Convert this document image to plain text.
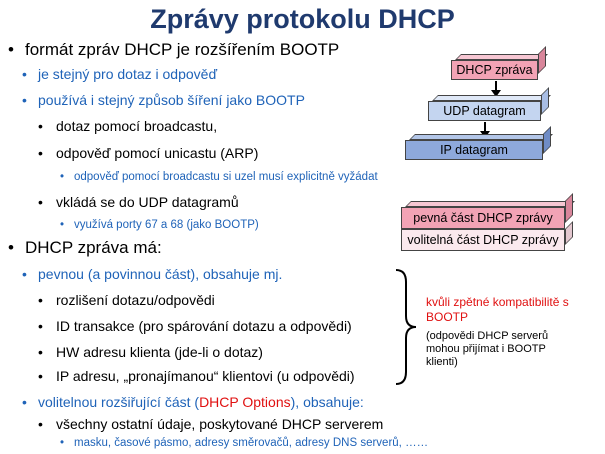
Zprávy protokolu DHCP
• formát zpráv DHCP je rozšířením BOOTP
• je stejný pro dotaz i odpověď
• používá i stejný způsob šíření jako BOOTP
• dotaz pomocí broadcastu,
• odpověď pomocí unicastu (ARP)
• odpověď pomocí broadcastu si uzel musí explicitně vyžádat
• vkládá se do UDP datagramů
• využívá porty 67 a 68 (jako BOOTP)
• DHCP zpráva má:
• pevnou (a povinnou část), obsahuje mj.
• rozlišení dotazu/odpovědi
• ID transakce (pro spárování dotazu a odpovědi)
• HW adresu klienta (jde-li o dotaz)
• IP adresu, „pronajímanou“ klientovi (u odpovědi)
• volitelnou rozšiřující část (DHCP Options), obsahuje:
• všechny ostatní údaje, poskytované DHCP serverem
• masku, časové pásmo, adresy směrovačů, adresy DNS serverů, ……
DHCP zpráva
UDP datagram
IP datagram
pevná část DHCP zprávy
volitelná část DHCP zprávy
kvůli zpětné kompatibilitě s BOOTP
(odpovědi DHCP serverů mohou přijímat i BOOTP klienti)
